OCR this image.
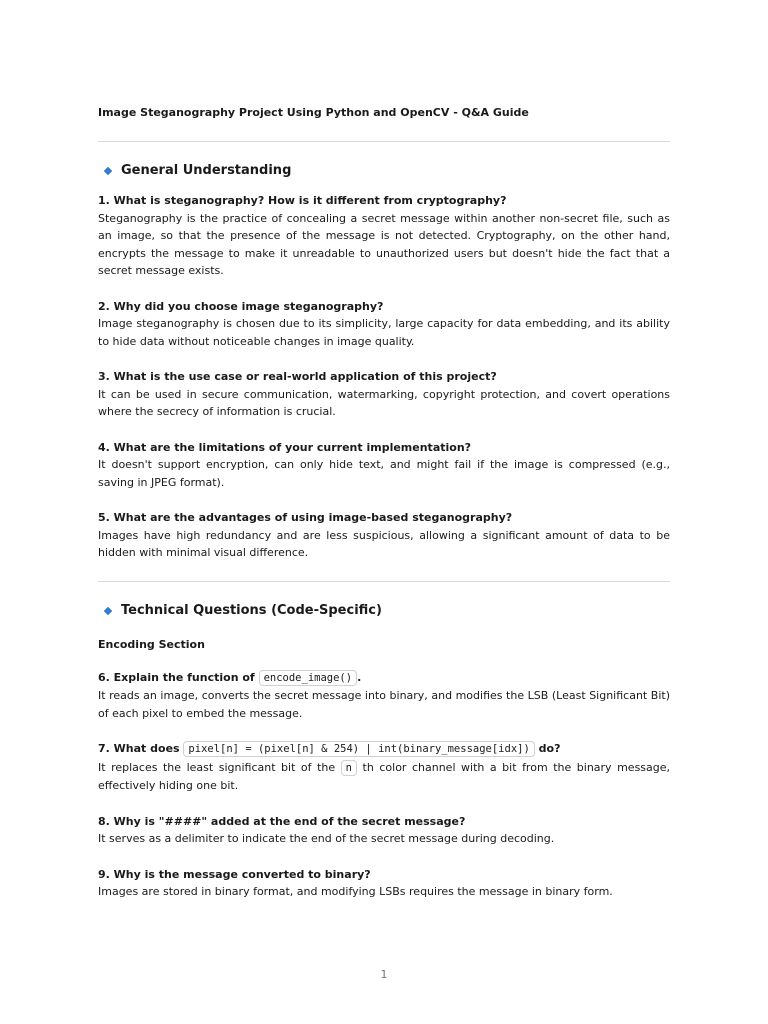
Image Steganography Project Using Python and OpenCV - Q&A Guide

General Understanding

1. What is steganography? How is it different from cryptography?

Steganography is the practice of concealing a secret message within another non-secret file, such as an image, so that the presence of the message is not detected. Cryptography, on the other hand, encrypts the message to make it unreadable to unauthorized users but doesn't hide the fact that a secret message exists.

2. Why did you choose image steganography?

Image steganography is chosen due to its simplicity, large capacity for data embedding, and its ability to hide data without noticeable changes in image quality.

3. What is the use case or real-world application of this project?

It can be used in secure communication, watermarking, copyright protection, and covert operations where the secrecy of information is crucial.

4. What are the limitations of your current implementation?

It doesn't support encryption, can only hide text, and might fail if the image is compressed (e.g., saving in JPEG format).

5. What are the advantages of using image-based steganography?

Images have high redundancy and are less suspicious, allowing a significant amount of data to be hidden with minimal visual difference.

Technical Questions (Code-Specific)

Encoding Section

6. Explain the function of encode_image() .

It reads an image, converts the secret message into binary, and modifies the LSB (Least Significant Bit) of each pixel to embed the message.

7. What does pixel[n] = (pixel[n] & 254) | int(binary_message[idx]) do?

It replaces the least significant bit of the n th color channel with a bit from the binary message, effectively hiding one bit.

8. Why is "####" added at the end of the secret message?

It serves as a delimiter to indicate the end of the secret message during decoding.

9. Why is the message converted to binary?

Images are stored in binary format, and modifying LSBs requires the message in binary form.

1
